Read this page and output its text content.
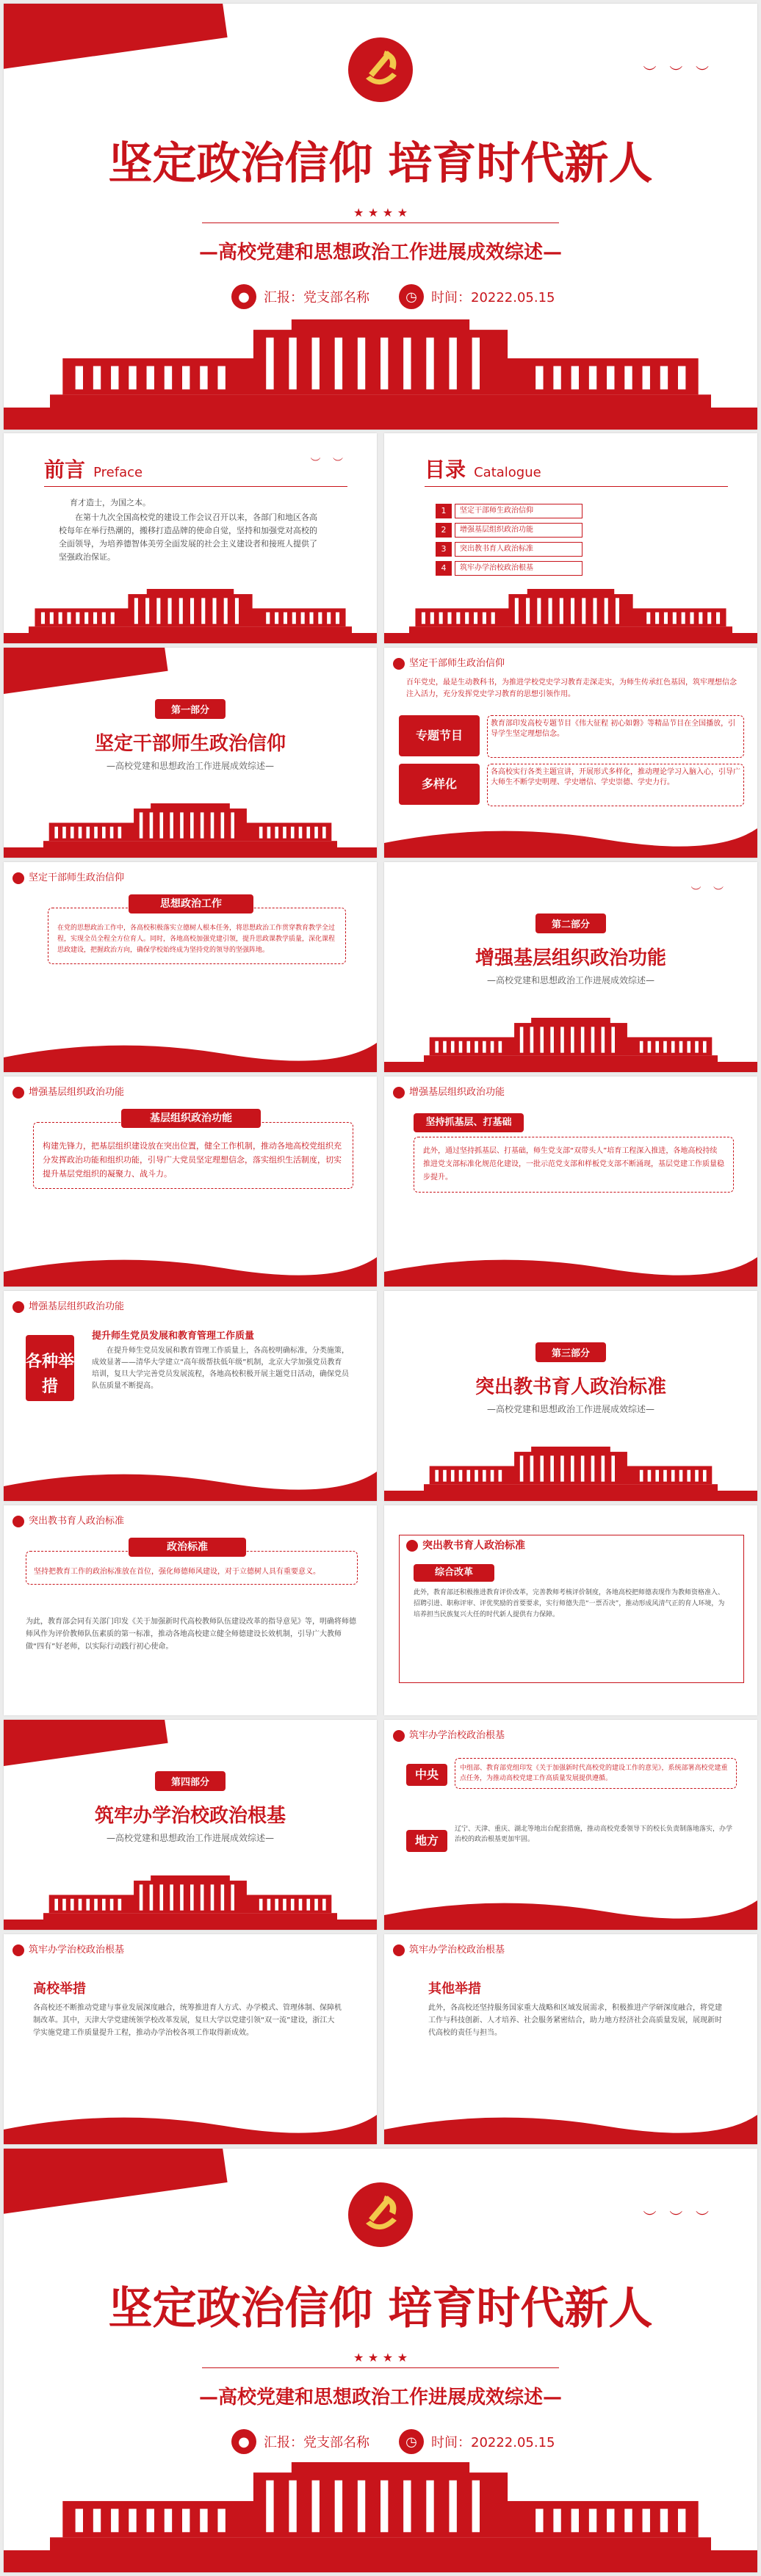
︶ ︶ ︶
坚定政治信仰 培育时代新人
★ ★ ★ ★
—高校党建和思想政治工作进展成效综述—
●	汇报：党支部名称	◷	时间：20222.05.15
前言 Preface
︶ ︶
育才造士，为国之本。
在第十九次全国高校党的建设工作会议召开以来，各部门和地区各高校每年在举行热潮的，搬移打造品牌的使命自觉，坚持和加强党对高校的全面领导，为培养德智体美劳全面发展的社会主义建设者和接班人提供了坚强政治保证。
目录 Catalogue
1	坚定干部师生政治信仰
2	增强基层组织政治功能
3	突出教书育人政治标准
4	筑牢办学治校政治根基
第一部分
坚定干部师生政治信仰
—高校党建和思想政治工作进展成效综述—
坚定干部师生政治信仰
百年党史，最是生动教科书，为推进学校党史学习教育走深走实，为师生传承红色基因，筑牢理想信念注入活力，充分发挥党史学习教育的思想引领作用。
专题节目
教育部印发高校专题节目《伟大征程 初心如磐》等精品节目在全国播放，引导学生坚定理想信念。
多样化
各高校实行各类主题宣讲，开展形式多样化，推动理论学习入脑入心，引导广大师生不断学史明理、学史增信、学史崇德、学史力行。
坚定干部师生政治信仰
思想政治工作
在党的思想政治工作中，各高校积极落实立德树人根本任务，将思想政治工作贯穿教育教学全过程，实现全员全程全方位育人。同时，各地高校加强党建引领，提升思政课教学质量，深化课程思政建设，把握政治方向，确保学校始终成为坚持党的领导的坚强阵地。
︶ ︶
第二部分
增强基层组织政治功能
—高校党建和思想政治工作进展成效综述—
增强基层组织政治功能
基层组织政治功能
构建先锋力，把基层组织建设放在突出位置，健全工作机制，推动各地高校党组织充分发挥政治功能和组织功能，引导广大党员坚定理想信念，落实组织生活制度，切实提升基层党组织的凝聚力、战斗力。
增强基层组织政治功能
坚持抓基层、打基础
此外，通过坚持抓基层、打基础，师生党支部“双带头人”培育工程深入推进，各地高校持续推进党支部标准化规范化建设，一批示范党支部和样板党支部不断涌现，基层党建工作质量稳步提升。
增强基层组织政治功能
各种举措
提升师生党员发展和教育管理工作质量
在提升师生党员发展和教育管理工作质量上，各高校明确标准，分类施策，成效显著——清华大学建立“高年级帮扶低年级”机制，北京大学加强党员教育培训，复旦大学完善党员发展流程，各地高校积极开展主题党日活动，确保党员队伍质量不断提高。
第三部分
突出教书育人政治标准
—高校党建和思想政治工作进展成效综述—
突出教书育人政治标准
政治标准
坚持把教育工作的政治标准放在首位，强化师德师风建设，对于立德树人具有重要意义。
为此，教育部会同有关部门印发《关于加强新时代高校教师队伍建设改革的指导意见》等，明确将师德师风作为评价教师队伍素质的第一标准，推动各地高校建立健全师德建设长效机制，引导广大教师做“四有”好老师，以实际行动践行初心使命。
突出教书育人政治标准
综合改革
此外，教育部还积极推进教育评价改革，完善教师考核评价制度，各地高校把师德表现作为教师资格准入、招聘引进、职称评审、评优奖励的首要要求，实行师德失范“一票否决”，推动形成风清气正的育人环境，为培养担当民族复兴大任的时代新人提供有力保障。
第四部分
筑牢办学治校政治根基
—高校党建和思想政治工作进展成效综述—
筑牢办学治校政治根基
中央	中组部、教育部党组印发《关于加强新时代高校党的建设工作的意见》，系统部署高校党建重点任务，为推动高校党建工作高质量发展提供遵循。
地方
辽宁、天津、重庆、湖北等地出台配套措施，推动高校党委领导下的校长负责制落地落实，办学治校的政治根基更加牢固。
筑牢办学治校政治根基
高校举措
各高校还不断推动党建与事业发展深度融合，统筹推进育人方式、办学模式、管理体制、保障机制改革。其中，天津大学党建统领学校改革发展，复旦大学以党建引领“双一流”建设，浙江大学实施党建工作质量提升工程，推动办学治校各项工作取得新成效。
筑牢办学治校政治根基
其他举措
此外，各高校还坚持服务国家重大战略和区域发展需求，积极推进产学研深度融合，将党建工作与科技创新、人才培养、社会服务紧密结合，助力地方经济社会高质量发展，展现新时代高校的责任与担当。
︶ ︶ ︶
坚定政治信仰 培育时代新人
★ ★ ★ ★
—高校党建和思想政治工作进展成效综述—
●	汇报：党支部名称	◷	时间：20222.05.15
